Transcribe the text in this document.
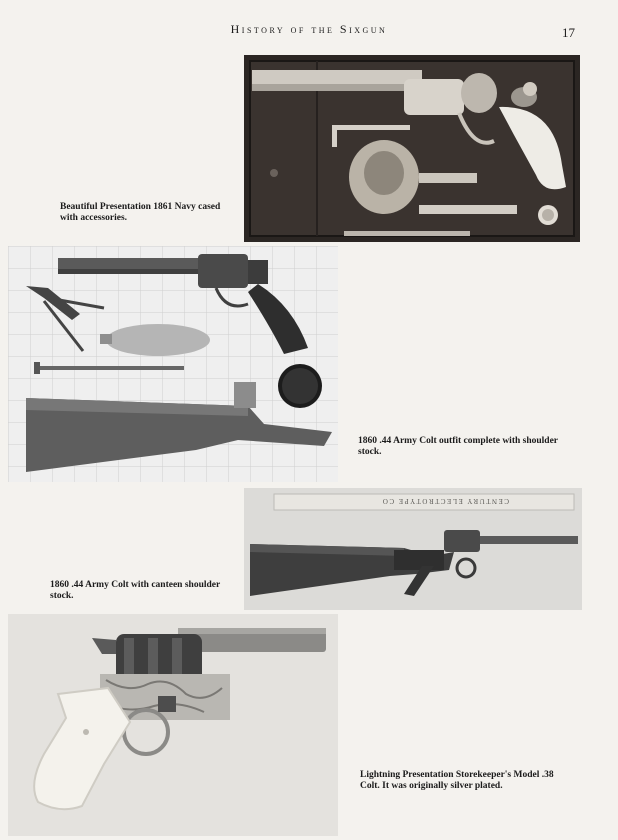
History of the Sixgun	17
Beautiful Presentation 1861 Navy cased with accessories.
1860 .44 Army Colt outfit complete with shoulder stock.
CENTURY ELECTROTYPE CO
1860 .44 Army Colt with canteen shoulder stock.
Lightning Presentation Storekeeper's Model .38 Colt. It was originally silver plated.
